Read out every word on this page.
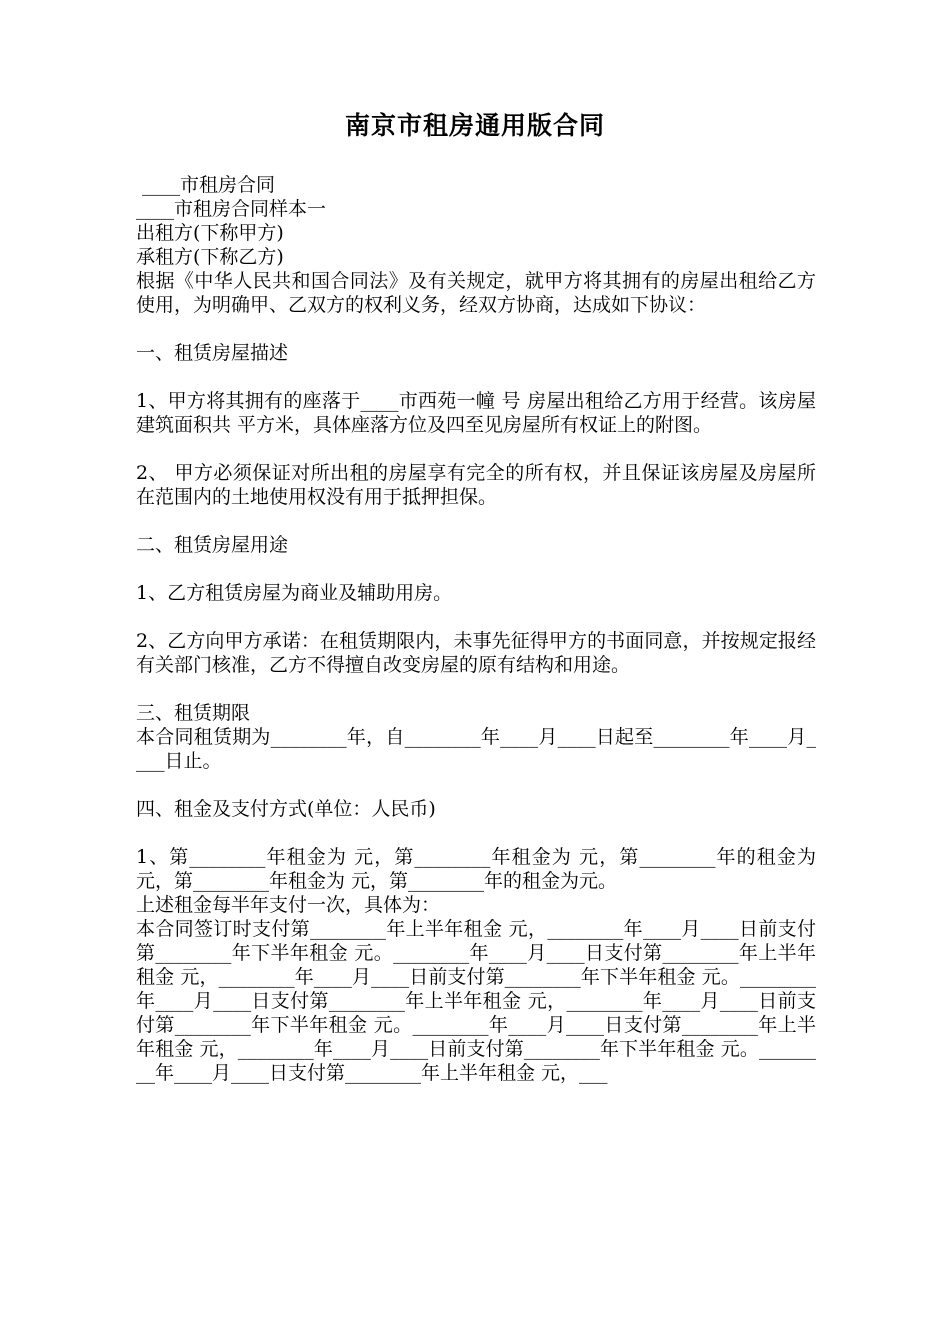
南京市租房通用版合同

____市租房合同

____市租房合同样本一

出租方(下称甲方)

承租方(下称乙方)

根据《中华人民共和国合同法》及有关规定，就甲方将其拥有的房屋出租给乙方使用，为明确甲、乙双方的权利义务，经双方协商，达成如下协议：

一、租赁房屋描述

1、甲方将其拥有的座落于____市西苑一幢 号 房屋出租给乙方用于经营。该房屋建筑面积共 平方米，具体座落方位及四至见房屋所有权证上的附图。

2、 甲方必须保证对所出租的房屋享有完全的所有权，并且保证该房屋及房屋所在范围内的土地使用权没有用于抵押担保。

二、租赁房屋用途

1、乙方租赁房屋为商业及辅助用房。

2、乙方向甲方承诺：在租赁期限内，未事先征得甲方的书面同意，并按规定报经有关部门核准，乙方不得擅自改变房屋的原有结构和用途。

三、租赁期限

本合同租赁期为________年，自________年____月____日起至________年____月____日止。

四、租金及支付方式(单位：人民币)

1、第________年租金为 元，第________年租金为 元，第________年的租金为 元，第________年租金为 元，第________年的租金为元。

上述租金每半年支付一次，具体为：

本合同签订时支付第________年上半年租金 元，________年____月____日前支付第________年下半年租金 元。________年____月____日支付第________年上半年租金 元，________年____月____日前支付第________年下半年租金 元。________年____月____日支付第________年上半年租金 元，________年____月____日前支付第________年下半年租金 元。________年____月____日支付第________年上半年租金 元，________年____月____日前支付第________年下半年租金 元。________年____月____日支付第________年上半年租金 元，___
